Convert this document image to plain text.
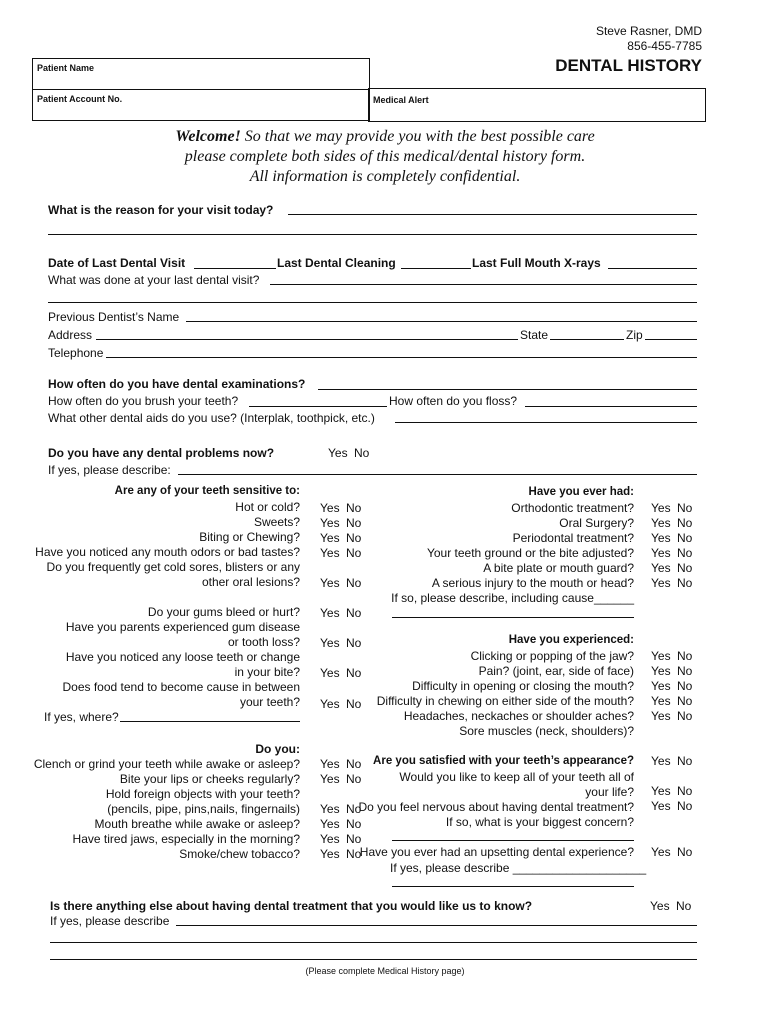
Steve Rasner, DMD
856-455-7785
DENTAL HISTORY
Patient Name
Patient Account No.	Medical Alert
Welcome! So that we may provide you with the best possible care
please complete both sides of this medical/dental history form.
All information is completely confidential.
What is the reason for your visit today?
Date of Last Dental Visit	Last Dental Cleaning	Last Full Mouth X-rays
What was done at your last dental visit?
Previous Dentist’s Name
Address	State	Zip
Telephone
How often do you have dental examinations?
How often do you brush your teeth?	How often do you floss?
What other dental aids do you use? (Interplak, toothpick, etc.)
Do you have any dental problems now?	Yes No
If yes, please describe:
Are any of your teeth sensitive to:
Hot or cold? Yes No
Sweets? Yes No
Biting or Chewing? Yes No
Have you noticed any mouth odors or bad tastes? Yes No
Do you frequently get cold sores, blisters or any
other oral lesions? Yes No
Do your gums bleed or hurt? Yes No
Have you parents experienced gum disease
or tooth loss? Yes No
Have you noticed any loose teeth or change
in your bite? Yes No
Does food tend to become cause in between
your teeth? Yes No
If yes, where?
Do you:
Clench or grind your teeth while awake or asleep? Yes No
Bite your lips or cheeks regularly? Yes No
Hold foreign objects with your teeth?
(pencils, pipe, pins,nails, fingernails) Yes No
Mouth breathe while awake or asleep? Yes No
Have tired jaws, especially in the morning? Yes No
Smoke/chew tobacco? Yes No
Have you ever had:
Orthodontic treatment? Yes No
Oral Surgery? Yes No
Periodontal treatment? Yes No
Your teeth ground or the bite adjusted? Yes No
A bite plate or mouth guard? Yes No
A serious injury to the mouth or head? Yes No
If so, please describe, including cause______
Have you experienced:
Clicking or popping of the jaw? Yes No
Pain? (joint, ear, side of face) Yes No
Difficulty in opening or closing the mouth? Yes No
Difficulty in chewing on either side of the mouth? Yes No
Headaches, neckaches or shoulder aches? Yes No
Sore muscles (neck, shoulders)?
Are you satisfied with your teeth’s appearance? Yes No
Would you like to keep all of your teeth all of
your life? Yes No
Do you feel nervous about having dental treatment? Yes No
If so, what is your biggest concern?
Have you ever had an upsetting dental experience? Yes No
If yes, please describe ____________________
Is there anything else about having dental treatment that you would like us to know?	Yes No
If yes, please describe
(Please complete Medical History page)
